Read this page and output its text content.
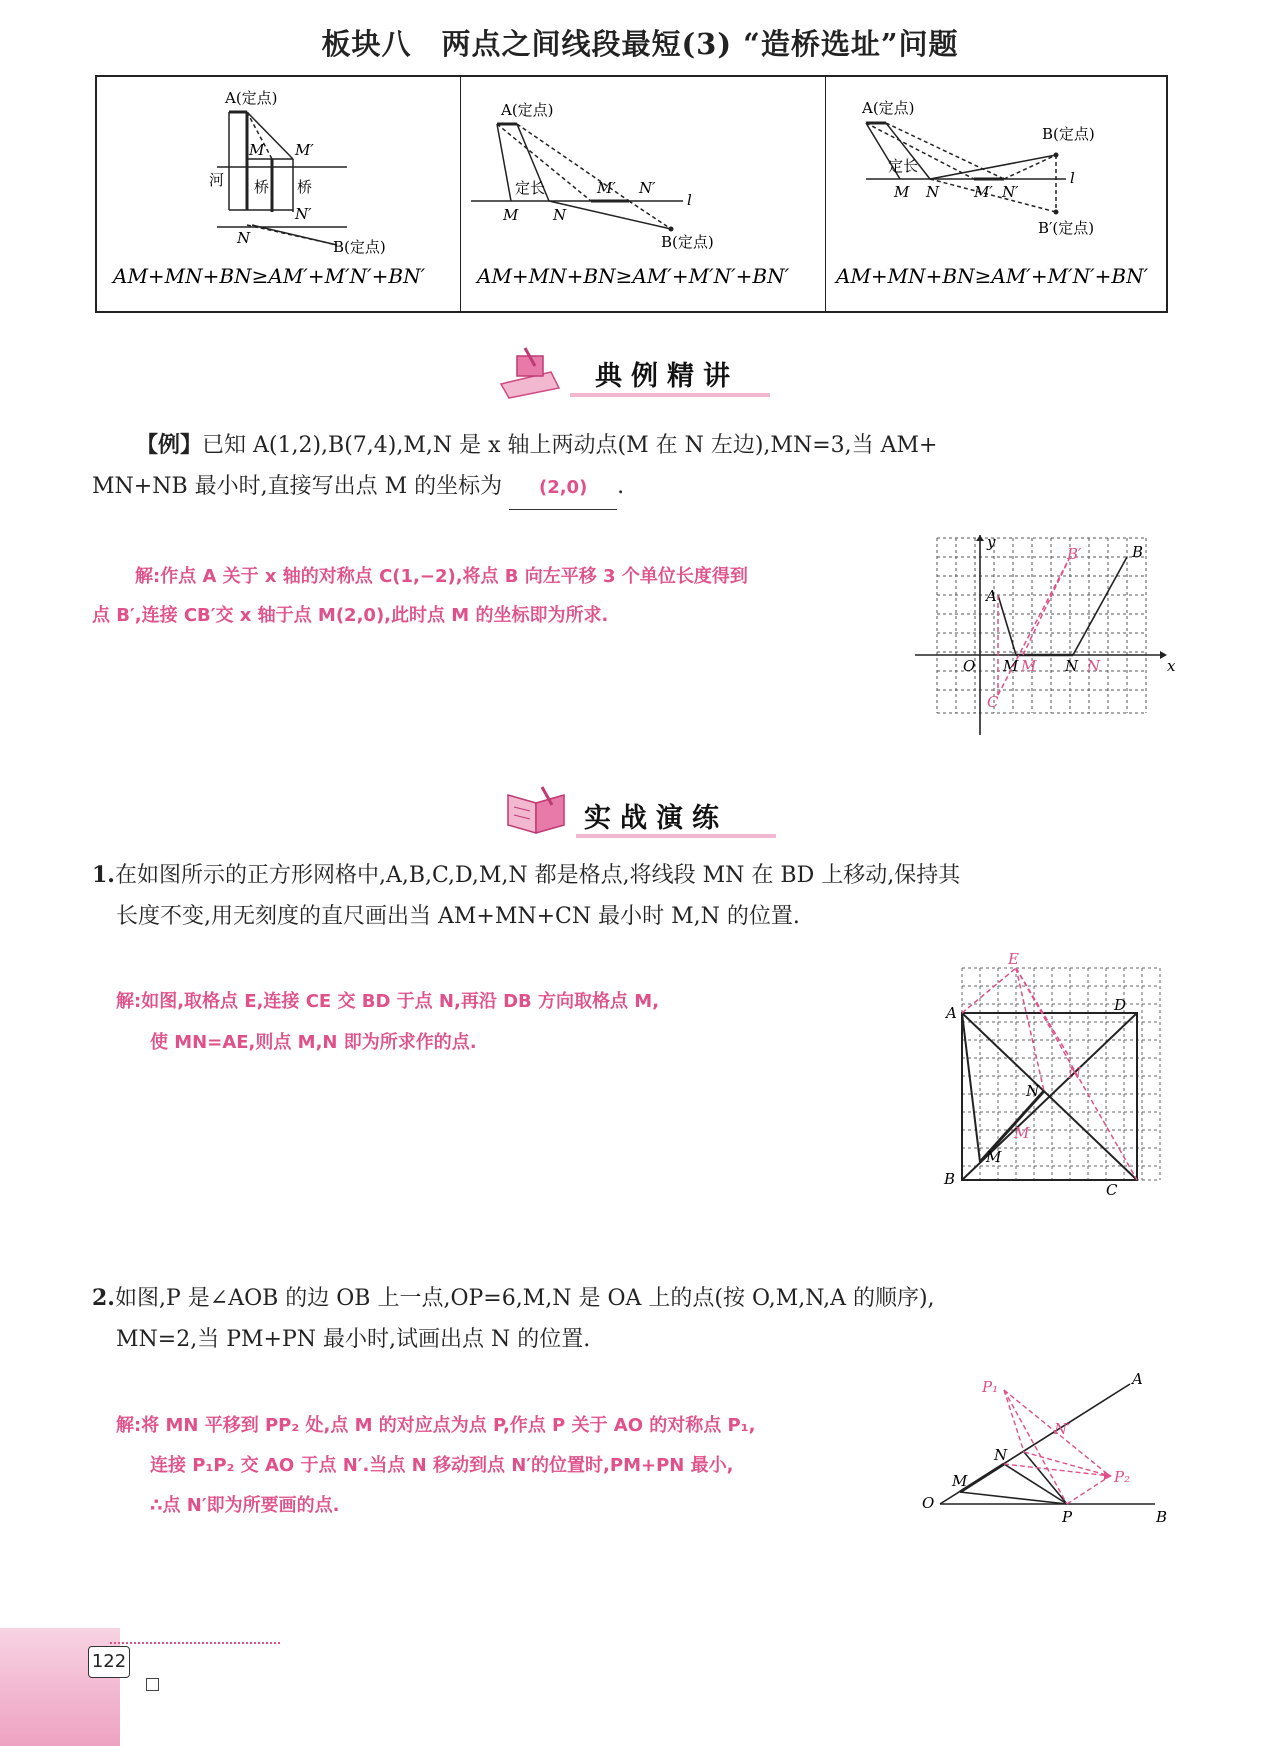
板块八　两点之间线段最短(3) “造桥选址”问题
A(定点)
M M′
河 桥 桥
N′
N	B(定点)
AM+MN+BN≥AM′+M′N′+BN′
A(定点)
定长	M′ N′
l
M N
B(定点)
AM+MN+BN≥AM′+M′N′+BN′
A(定点)
B(定点)
定长
l
M N M′ N′
B′(定点)
AM+MN+BN≥AM′+M′N′+BN′
典例精讲
【例】已知 A(1,2),B(7,4),M,N 是 x 轴上两动点(M 在 N 左边),MN=3,当 AM+
MN+NB 最小时,直接写出点 M 的坐标为 (2,0) .
解:作点 A 关于 x 轴的对称点 C(1,−2),将点 B 向左平移 3 个单位长度得到
点 B′,连接 CB′交 x 轴于点 M(2,0),此时点 M 的坐标即为所求.
x
y
O
A
B
B′
C
M M N N
实战演练
1.在如图所示的正方形网格中,A,B,C,D,M,N 都是格点,将线段 MN 在 BD 上移动,保持其
长度不变,用无刻度的直尺画出当 AM+MN+CN 最小时 M,N 的位置.
解:如图,取格点 E,连接 CE 交 BD 于点 N,再沿 DB 方向取格点 M,
使 MN=AE,则点 M,N 即为所求作的点.
E
A	D
N
N
M
M
B
C
2.如图,P 是∠AOB 的边 OB 上一点,OP=6,M,N 是 OA 上的点(按 O,M,N,A 的顺序),
MN=2,当 PM+PN 最小时,试画出点 N 的位置.
解:将 MN 平移到 PP₂ 处,点 M 的对应点为点 P,作点 P 关于 AO 的对称点 P₁,
连接 P₁P₂ 交 AO 于点 N′.当点 N 移动到点 N′的位置时,PM+PN 最小,
∴点 N′即为所要画的点.	O
A
B
M
N
N′
P
P₁
P₂
122
